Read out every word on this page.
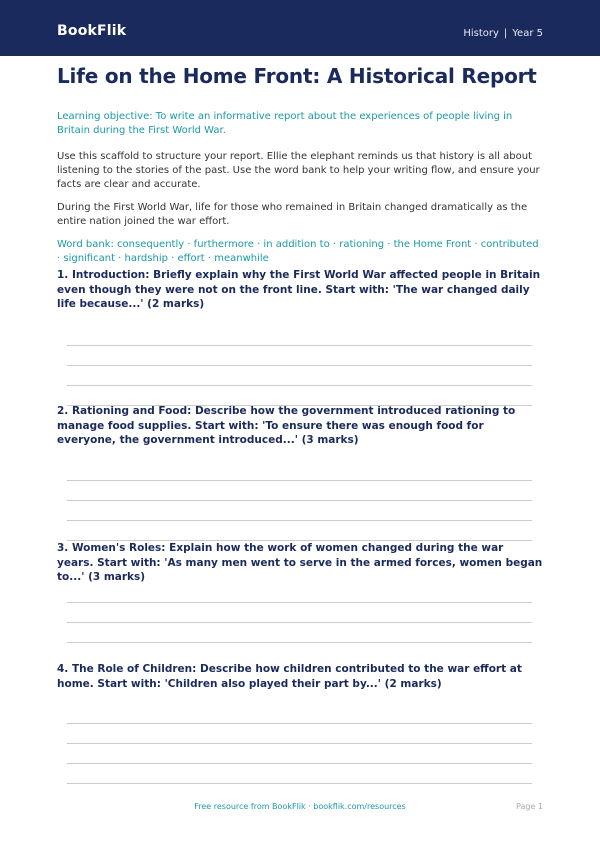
BookFlik	History | Year 5
Life on the Home Front: A Historical Report
Learning objective: To write an informative report about the experiences of people living in Britain during the First World War.
Use this scaffold to structure your report. Ellie the elephant reminds us that history is all about listening to the stories of the past. Use the word bank to help your writing flow, and ensure your facts are clear and accurate.
During the First World War, life for those who remained in Britain changed dramatically as the entire nation joined the war effort.
Word bank: consequently · furthermore · in addition to · rationing · the Home Front · contributed · significant · hardship · effort · meanwhile
1. Introduction: Briefly explain why the First World War affected people in Britain even though they were not on the front line. Start with: 'The war changed daily life because...' (2 marks)
2. Rationing and Food: Describe how the government introduced rationing to manage food supplies. Start with: 'To ensure there was enough food for everyone, the government introduced...' (3 marks)
3. Women's Roles: Explain how the work of women changed during the war years. Start with: 'As many men went to serve in the armed forces, women began to...' (3 marks)
4. The Role of Children: Describe how children contributed to the war effort at home. Start with: 'Children also played their part by...' (2 marks)
Free resource from BookFlik · bookflik.com/resources	Page 1
